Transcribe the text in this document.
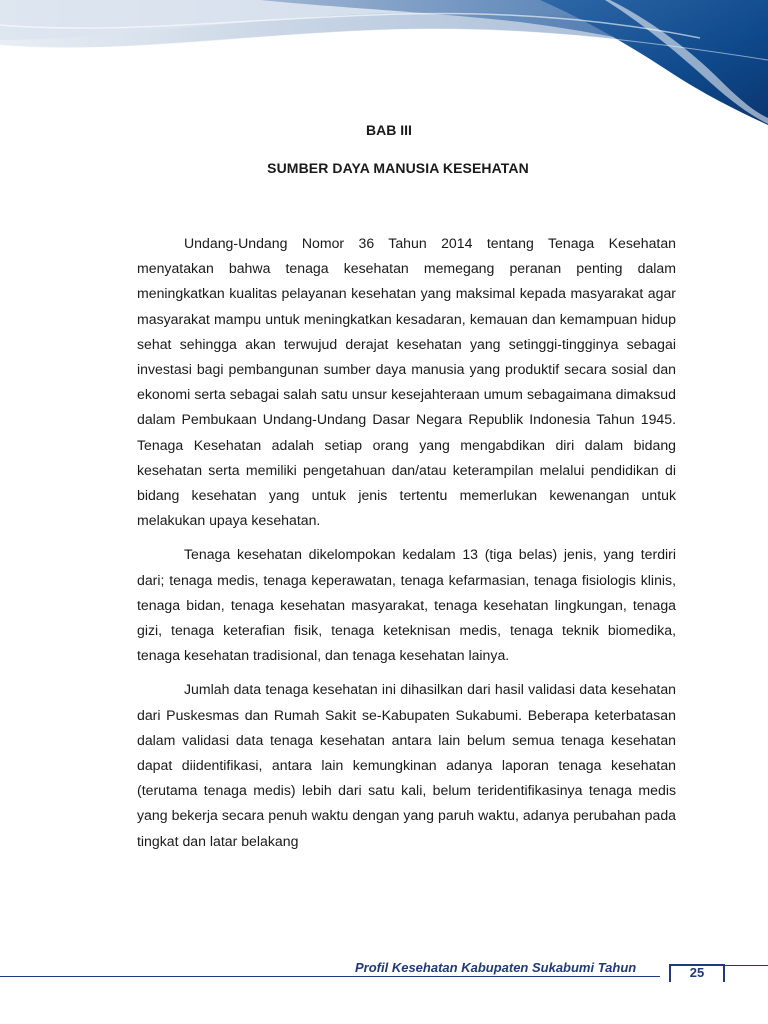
BAB III
SUMBER DAYA MANUSIA KESEHATAN

Undang-Undang Nomor 36 Tahun 2014 tentang Tenaga Kesehatan menyatakan bahwa tenaga kesehatan memegang peranan penting dalam meningkatkan kualitas pelayanan kesehatan yang maksimal kepada masyarakat agar masyarakat mampu untuk meningkatkan kesadaran, kemauan dan kemampuan hidup sehat sehingga akan terwujud derajat kesehatan yang setinggi-tingginya sebagai investasi bagi pembangunan sumber daya manusia yang produktif secara sosial dan ekonomi serta sebagai salah satu unsur kesejahteraan umum sebagaimana dimaksud dalam Pembukaan Undang-Undang Dasar Negara Republik Indonesia Tahun 1945. Tenaga Kesehatan adalah setiap orang yang mengabdikan diri dalam bidang kesehatan serta memiliki pengetahuan dan/atau keterampilan melalui pendidikan di bidang kesehatan yang untuk jenis tertentu memerlukan kewenangan untuk melakukan upaya kesehatan.

Tenaga kesehatan dikelompokan kedalam 13 (tiga belas) jenis, yang terdiri dari; tenaga medis, tenaga keperawatan, tenaga kefarmasian, tenaga fisiologis klinis, tenaga bidan, tenaga kesehatan masyarakat, tenaga kesehatan lingkungan, tenaga gizi, tenaga keterafian fisik, tenaga keteknisan medis, tenaga teknik biomedika, tenaga kesehatan tradisional, dan tenaga kesehatan lainya.

Jumlah data tenaga kesehatan ini dihasilkan dari hasil validasi data kesehatan dari Puskesmas dan Rumah Sakit se-Kabupaten Sukabumi. Beberapa keterbatasan dalam validasi data tenaga kesehatan antara lain belum semua tenaga kesehatan dapat diidentifikasi, antara lain kemungkinan adanya laporan tenaga kesehatan (terutama tenaga medis) lebih dari satu kali, belum teridentifikasinya tenaga medis yang bekerja secara penuh waktu dengan yang paruh waktu, adanya perubahan pada tingkat dan latar belakang

Profil Kesehatan Kabupaten Sukabumi Tahun	25
